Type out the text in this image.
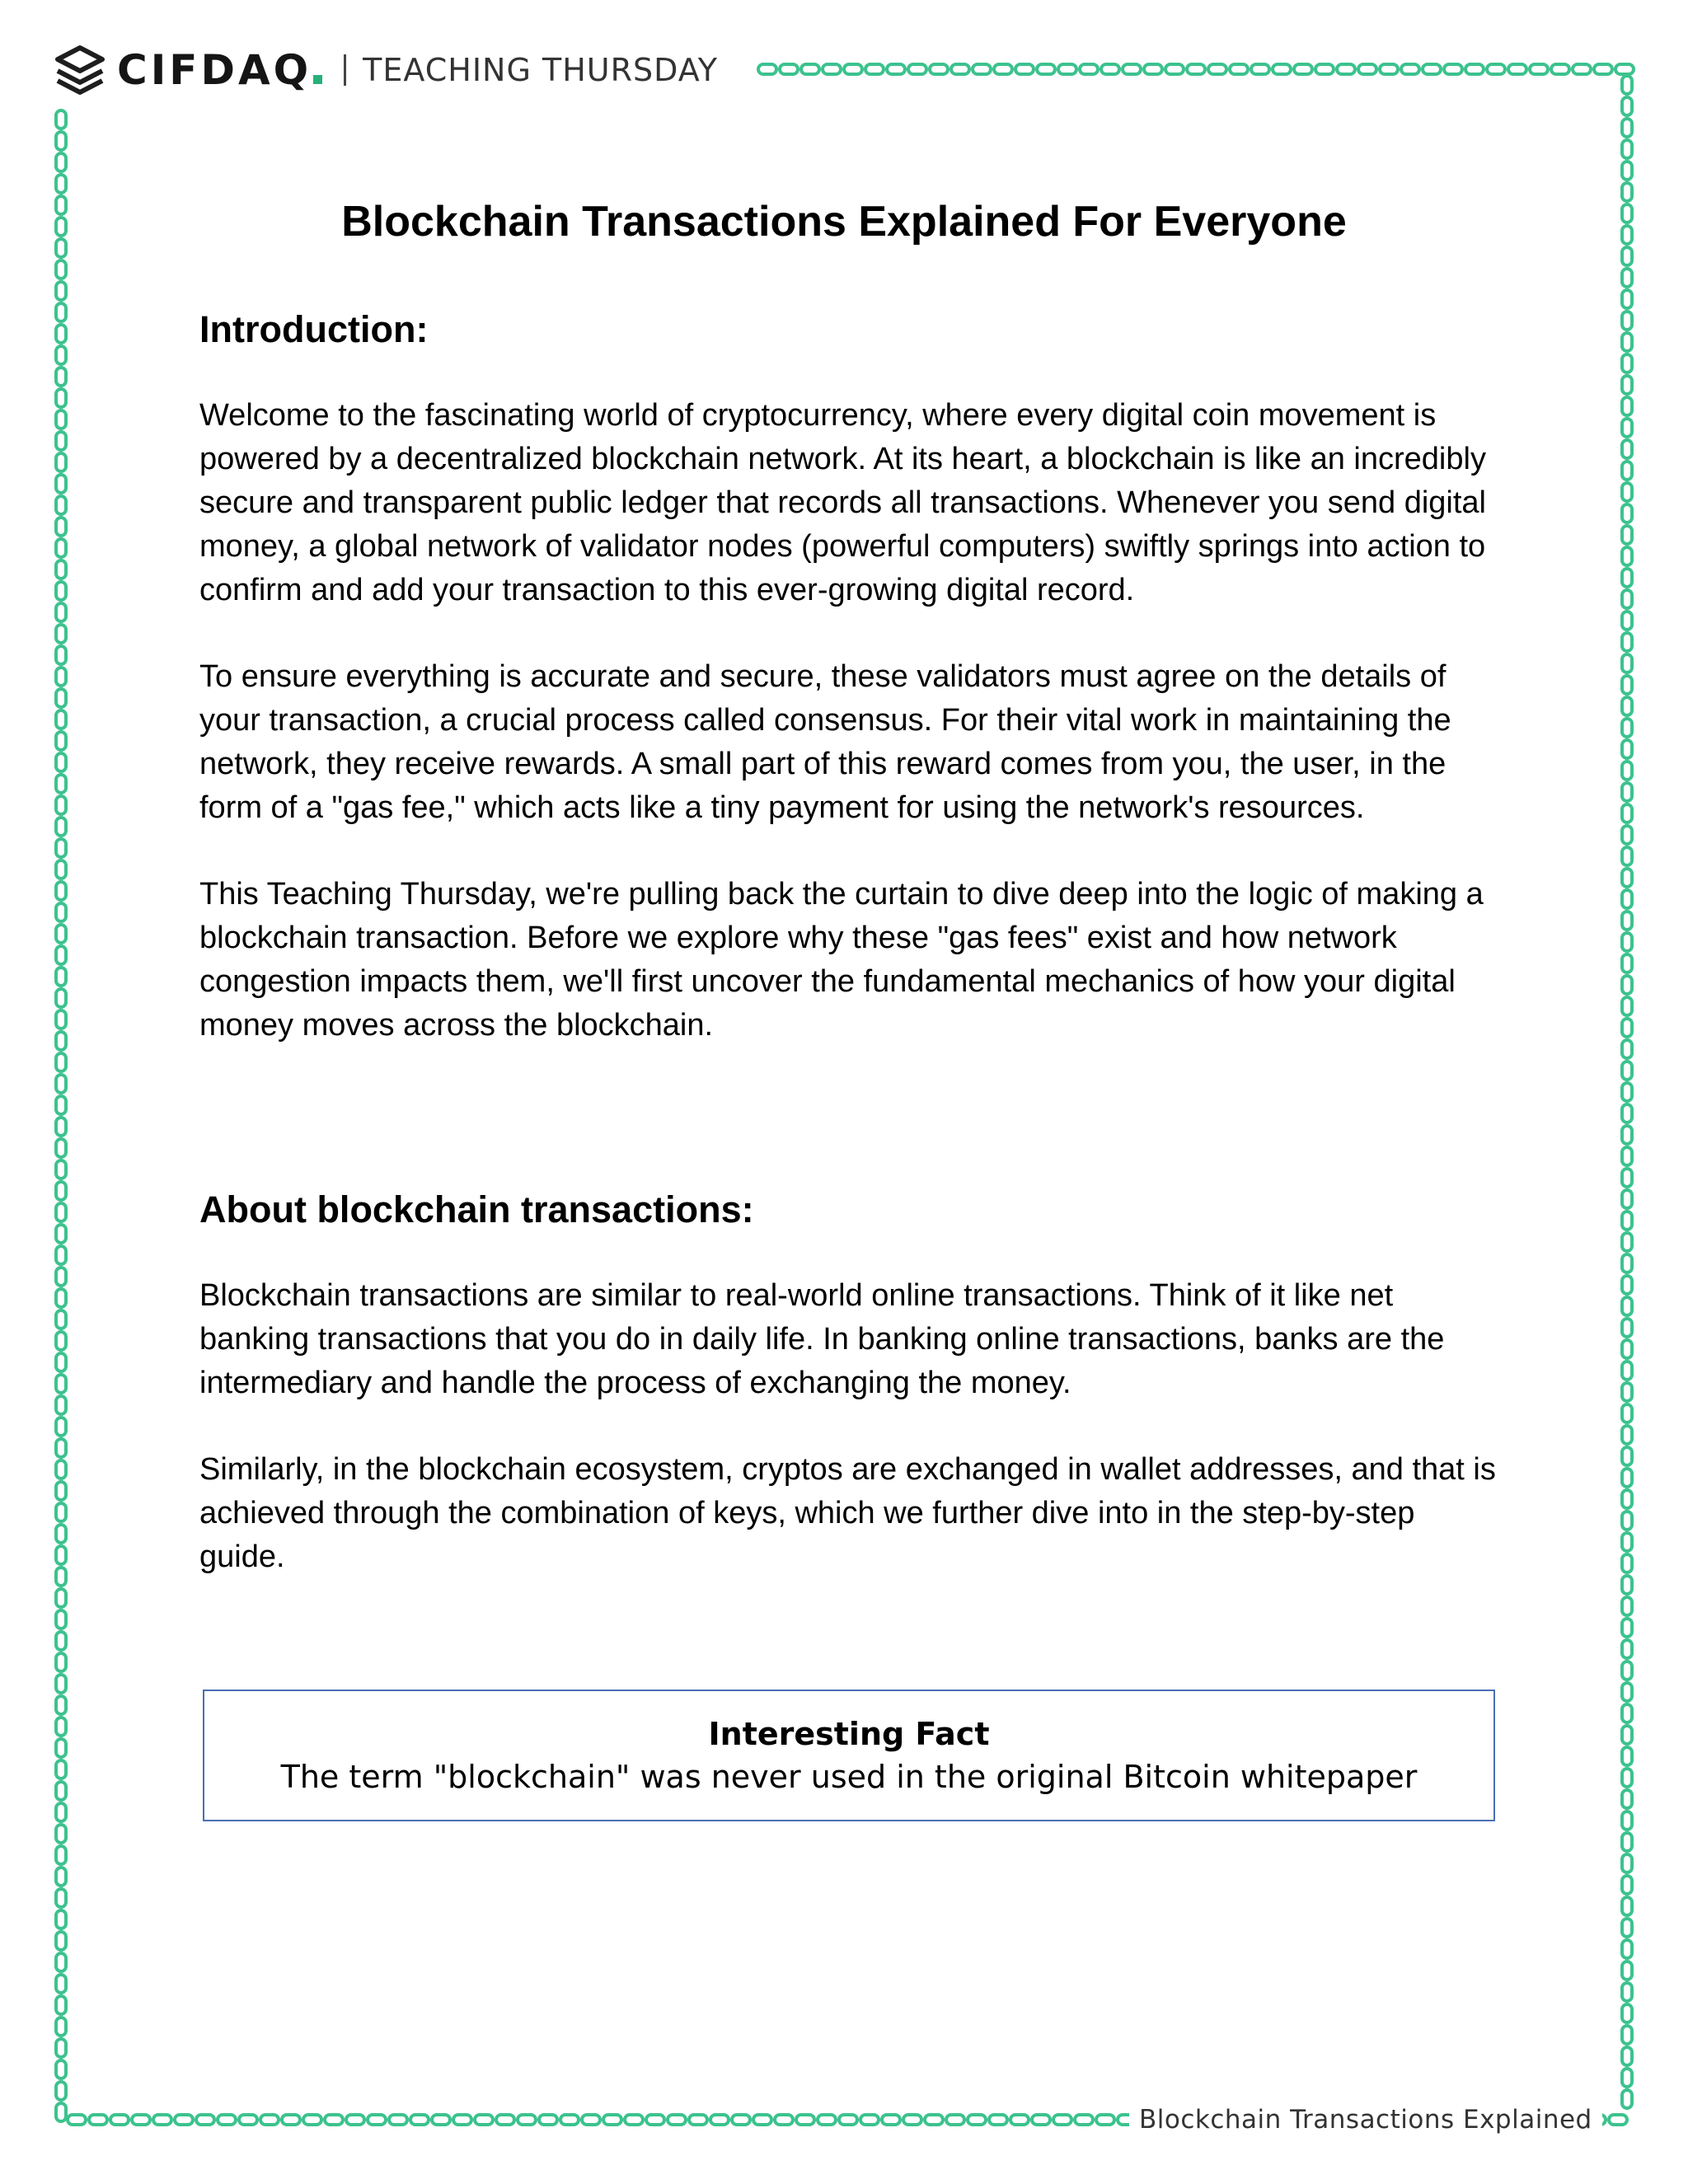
CIFDAQ	TEACHING THURSDAY
Blockchain Transactions Explained For Everyone
Introduction:

Welcome to the fascinating world of cryptocurrency, where every digital coin movement is powered by a decentralized blockchain network. At its heart, a blockchain is like an incredibly secure and transparent public ledger that records all transactions. Whenever you send digital money, a global network of validator nodes (powerful computers) swiftly springs into action to confirm and add your transaction to this ever-growing digital record.

To ensure everything is accurate and secure, these validators must agree on the details of your transaction, a crucial process called consensus. For their vital work in maintaining the network, they receive rewards. A small part of this reward comes from you, the user, in the form of a "gas fee," which acts like a tiny payment for using the network's resources.

This Teaching Thursday, we're pulling back the curtain to dive deep into the logic of making a blockchain transaction. Before we explore why these "gas fees" exist and how network congestion impacts them, we'll first uncover the fundamental mechanics of how your digital money moves across the blockchain.

About blockchain transactions:

Blockchain transactions are similar to real-world online transactions. Think of it like net banking transactions that you do in daily life. In banking online transactions, banks are the intermediary and handle the process of exchanging the money.

Similarly, in the blockchain ecosystem, cryptos are exchanged in wallet addresses, and that is achieved through the combination of keys, which we further dive into in the step-by-step guide.

Interesting Fact
The term "blockchain" was never used in the original Bitcoin whitepaper
Blockchain Transactions Explained
